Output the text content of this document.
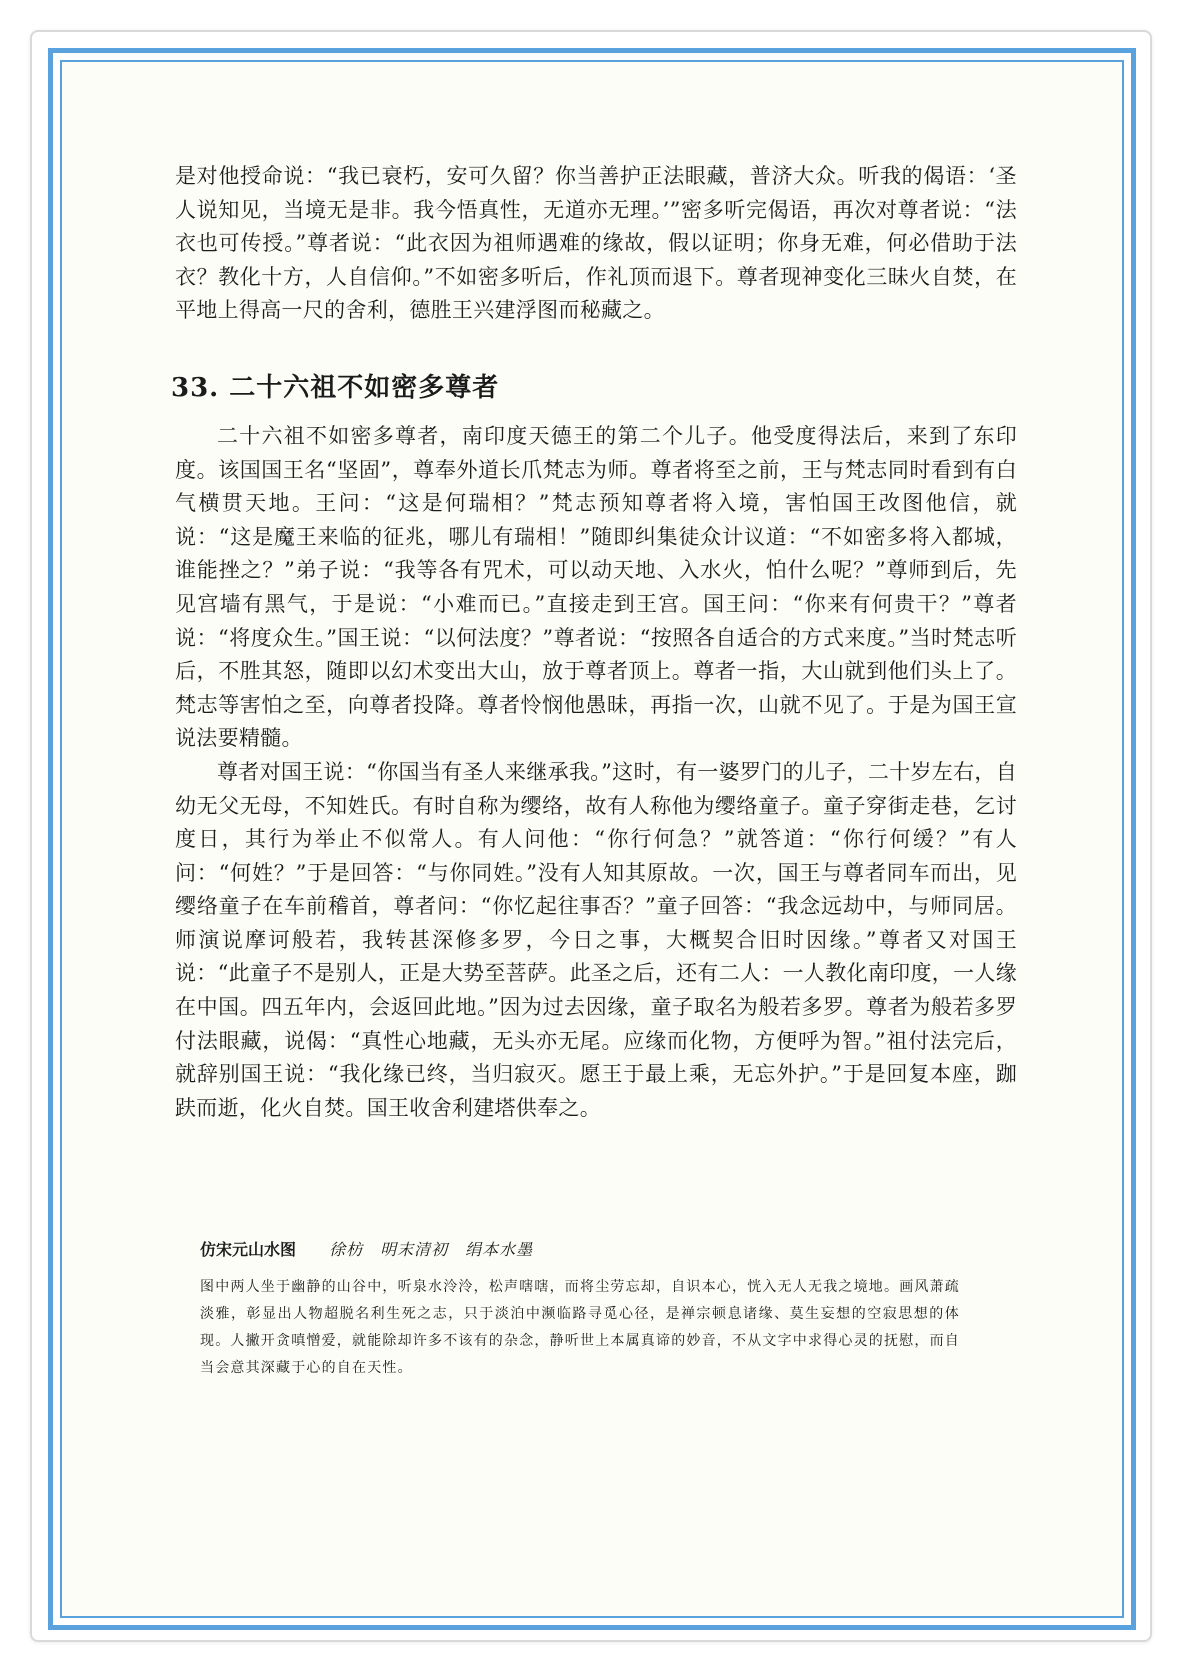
是对他授命说：“我已衰朽，安可久留？你当善护正法眼藏，普济大众。听我的偈语：‘圣人说知见，当境无是非。我今悟真性，无道亦无理。’”密多听完偈语，再次对尊者说：“法衣也可传授。”尊者说：“此衣因为祖师遇难的缘故，假以证明；你身无难，何必借助于法衣？教化十方，人自信仰。”不如密多听后，作礼顶而退下。尊者现神变化三昧火自焚，在平地上得高一尺的舍利，德胜王兴建浮图而秘藏之。

33. 二十六祖不如密多尊者

二十六祖不如密多尊者，南印度天德王的第二个儿子。他受度得法后，来到了东印度。该国国王名“坚固”，尊奉外道长爪梵志为师。尊者将至之前，王与梵志同时看到有白气横贯天地。王问：“这是何瑞相？”梵志预知尊者将入境，害怕国王改图他信，就说：“这是魔王来临的征兆，哪儿有瑞相！”随即纠集徒众计议道：“不如密多将入都城，谁能挫之？”弟子说：“我等各有咒术，可以动天地、入水火，怕什么呢？”尊师到后，先见宫墙有黑气，于是说：“小难而已。”直接走到王宫。国王问：“你来有何贵干？”尊者说：“将度众生。”国王说：“以何法度？”尊者说：“按照各自适合的方式来度。”当时梵志听后，不胜其怒，随即以幻术变出大山，放于尊者顶上。尊者一指，大山就到他们头上了。梵志等害怕之至，向尊者投降。尊者怜悯他愚昧，再指一次，山就不见了。于是为国王宣说法要精髓。

尊者对国王说：“你国当有圣人来继承我。”这时，有一婆罗门的儿子，二十岁左右，自幼无父无母，不知姓氏。有时自称为缨络，故有人称他为缨络童子。童子穿街走巷，乞讨度日，其行为举止不似常人。有人问他：“你行何急？”就答道：“你行何缓？”有人问：“何姓？”于是回答：“与你同姓。”没有人知其原故。一次，国王与尊者同车而出，见缨络童子在车前稽首，尊者问：“你忆起往事否？”童子回答：“我念远劫中，与师同居。师演说摩诃般若，我转甚深修多罗，今日之事，大概契合旧时因缘。”尊者又对国王说：“此童子不是别人，正是大势至菩萨。此圣之后，还有二人：一人教化南印度，一人缘在中国。四五年内，会返回此地。”因为过去因缘，童子取名为般若多罗。尊者为般若多罗付法眼藏，说偈：“真性心地藏，无头亦无尾。应缘而化物，方便呼为智。”祖付法完后，就辞别国王说：“我化缘已终，当归寂灭。愿王于最上乘，无忘外护。”于是回复本座，跏趺而逝，化火自焚。国王收舍利建塔供奉之。

仿宋元山水图 徐枋　明末清初　绢本水墨

图中两人坐于幽静的山谷中，听泉水泠泠，松声嗐嗐，而将尘劳忘却，自识本心，恍入无人无我之境地。画风萧疏淡雅，彰显出人物超脱名利生死之志，只于淡泊中濒临路寻觅心径，是禅宗顿息诸缘、莫生妄想的空寂思想的体现。人撇开贪嗔憎爱，就能除却许多不该有的杂念，静听世上本属真谛的妙音，不从文字中求得心灵的抚慰，而自当会意其深藏于心的自在天性。
